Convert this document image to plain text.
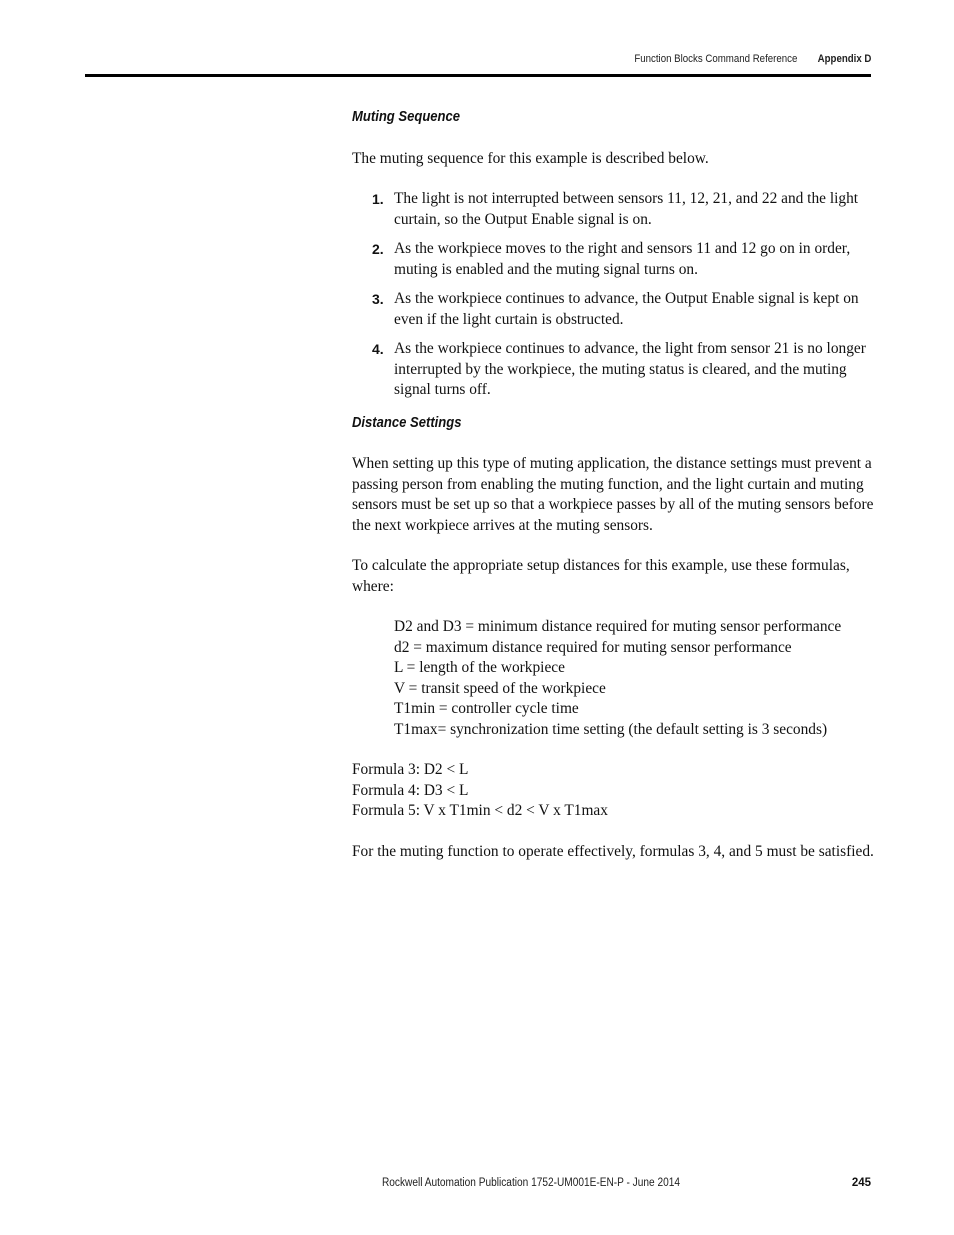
Function Blocks Command Reference Appendix D
Muting Sequence

The muting sequence for this example is described below.

1. The light is not interrupted between sensors 11, 12, 21, and 22 and the light curtain, so the Output Enable signal is on.
2. As the workpiece moves to the right and sensors 11 and 12 go on in order, muting is enabled and the muting signal turns on.
3. As the workpiece continues to advance, the Output Enable signal is kept on even if the light curtain is obstructed.
4. As the workpiece continues to advance, the light from sensor 21 is no longer interrupted by the workpiece, the muting status is cleared, and the muting signal turns off.
Distance Settings

When setting up this type of muting application, the distance settings must prevent a passing person from enabling the muting function, and the light curtain and muting sensors must be set up so that a workpiece passes by all of the muting sensors before the next workpiece arrives at the muting sensors.

To calculate the appropriate setup distances for this example, use these formulas, where:

D2 and D3 = minimum distance required for muting sensor performance
d2 = maximum distance required for muting sensor performance
L = length of the workpiece
V = transit speed of the workpiece
T1min = controller cycle time
T1max= synchronization time setting (the default setting is 3 seconds)
Formula 3: D2 < L
Formula 4: D3 < L
Formula 5: V x T1min < d2 < V x T1max

For the muting function to operate effectively, formulas 3, 4, and 5 must be satisfied.

Rockwell Automation Publication 1752-UM001E-EN-P - June 2014	245
